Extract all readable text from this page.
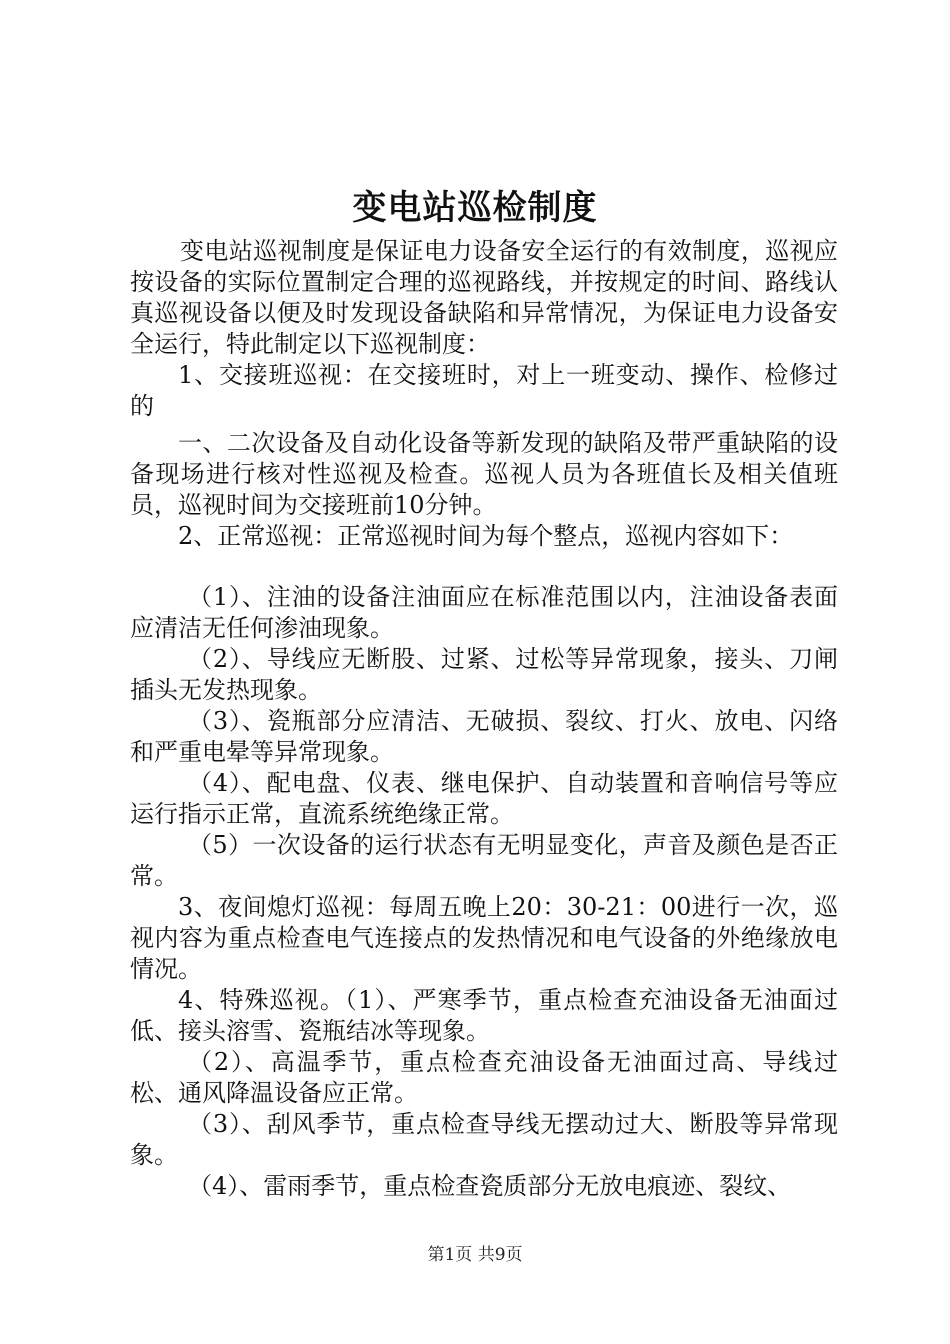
变电站巡检制度

变电站巡视制度是保证电力设备安全运行的有效制度，巡视应按设备的实际位置制定合理的巡视路线，并按规定的时间、路线认真巡视设备以便及时发现设备缺陷和异常情况，为保证电力设备安全运行，特此制定以下巡视制度：

1、交接班巡视：在交接班时，对上一班变动、操作、检修过的

一、二次设备及自动化设备等新发现的缺陷及带严重缺陷的设备现场进行核对性巡视及检查。巡视人员为各班值长及相关值班员，巡视时间为交接班前10分钟。

2、正常巡视：正常巡视时间为每个整点，巡视内容如下：

（1）、注油的设备注油面应在标准范围以内，注油设备表面应清洁无任何渗油现象。

（2）、导线应无断股、过紧、过松等异常现象，接头、刀闸插头无发热现象。

（3）、瓷瓶部分应清洁、无破损、裂纹、打火、放电、闪络和严重电晕等异常现象。

（4）、配电盘、仪表、继电保护、自动装置和音响信号等应运行指示正常，直流系统绝缘正常。

（5）一次设备的运行状态有无明显变化，声音及颜色是否正常。

3、夜间熄灯巡视：每周五晚上20：30-21：00进行一次，巡视内容为重点检查电气连接点的发热情况和电气设备的外绝缘放电情况。

4、特殊巡视。（1）、严寒季节，重点检查充油设备无油面过低、接头溶雪、瓷瓶结冰等现象。

（2）、高温季节，重点检查充油设备无油面过高、导线过松、通风降温设备应正常。

（3）、刮风季节，重点检查导线无摆动过大、断股等异常现象。

（4）、雷雨季节，重点检查瓷质部分无放电痕迹、裂纹、

第1页 共9页
